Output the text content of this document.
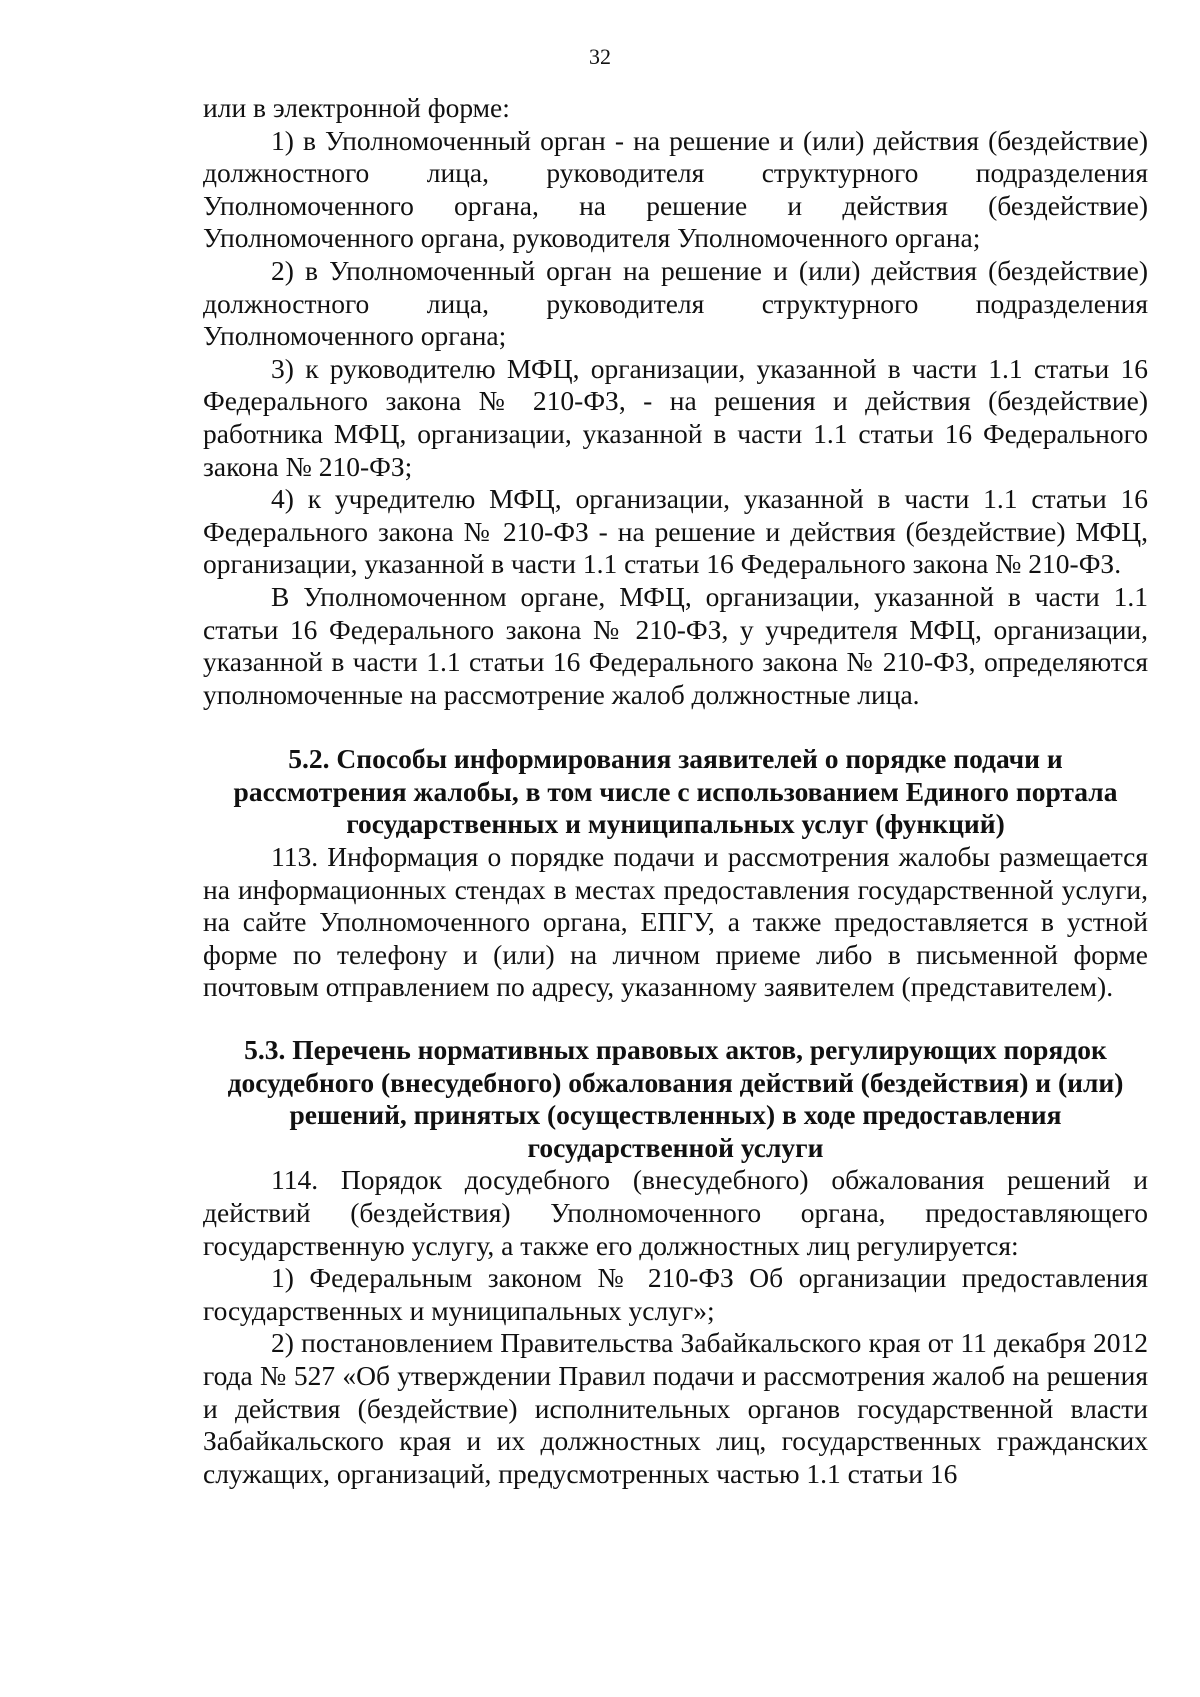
32

или в электронной форме:

1) в Уполномоченный орган - на решение и (или) действия (бездействие) должностного лица, руководителя структурного подразделения Уполномоченного органа, на решение и действия (бездействие) Уполномоченного органа, руководителя Уполномоченного органа;

2) в Уполномоченный орган на решение и (или) действия (бездействие) должностного лица, руководителя структурного подразделения Уполномоченного органа;

3) к руководителю МФЦ, организации, указанной в части 1.1 статьи 16 Федерального закона № 210-ФЗ, - на решения и действия (бездействие) работника МФЦ, организации, указанной в части 1.1 статьи 16 Федерального закона № 210-ФЗ;

4) к учредителю МФЦ, организации, указанной в части 1.1 статьи 16 Федерального закона № 210-ФЗ - на решение и действия (бездействие) МФЦ, организации, указанной в части 1.1 статьи 16 Федерального закона № 210-ФЗ.

В Уполномоченном органе, МФЦ, организации, указанной в части 1.1 статьи 16 Федерального закона № 210-ФЗ, у учредителя МФЦ, организации, указанной в части 1.1 статьи 16 Федерального закона № 210-ФЗ, определяются уполномоченные на рассмотрение жалоб должностные лица.

5.2. Способы информирования заявителей о порядке подачи и
рассмотрения жалобы, в том числе с использованием Единого портала
государственных и муниципальных услуг (функций)

113. Информация о порядке подачи и рассмотрения жалобы размещается на информационных стендах в местах предоставления государственной услуги, на сайте Уполномоченного органа, ЕПГУ, а также предоставляется в устной форме по телефону и (или) на личном приеме либо в письменной форме почтовым отправлением по адресу, указанному заявителем (представителем).

5.3. Перечень нормативных правовых актов, регулирующих порядок
досудебного (внесудебного) обжалования действий (бездействия) и (или)
решений, принятых (осуществленных) в ходе предоставления
государственной услуги

114. Порядок досудебного (внесудебного) обжалования решений и действий (бездействия) Уполномоченного органа, предоставляющего государственную услугу, а также его должностных лиц регулируется:

1) Федеральным законом № 210-ФЗ Об организации предоставления государственных и муниципальных услуг»;

2) постановлением Правительства Забайкальского края от 11 декабря 2012 года № 527 «Об утверждении Правил подачи и рассмотрения жалоб на решения и действия (бездействие) исполнительных органов государственной власти Забайкальского края и их должностных лиц, государственных гражданских служащих, организаций, предусмотренных частью 1.1 статьи 16
